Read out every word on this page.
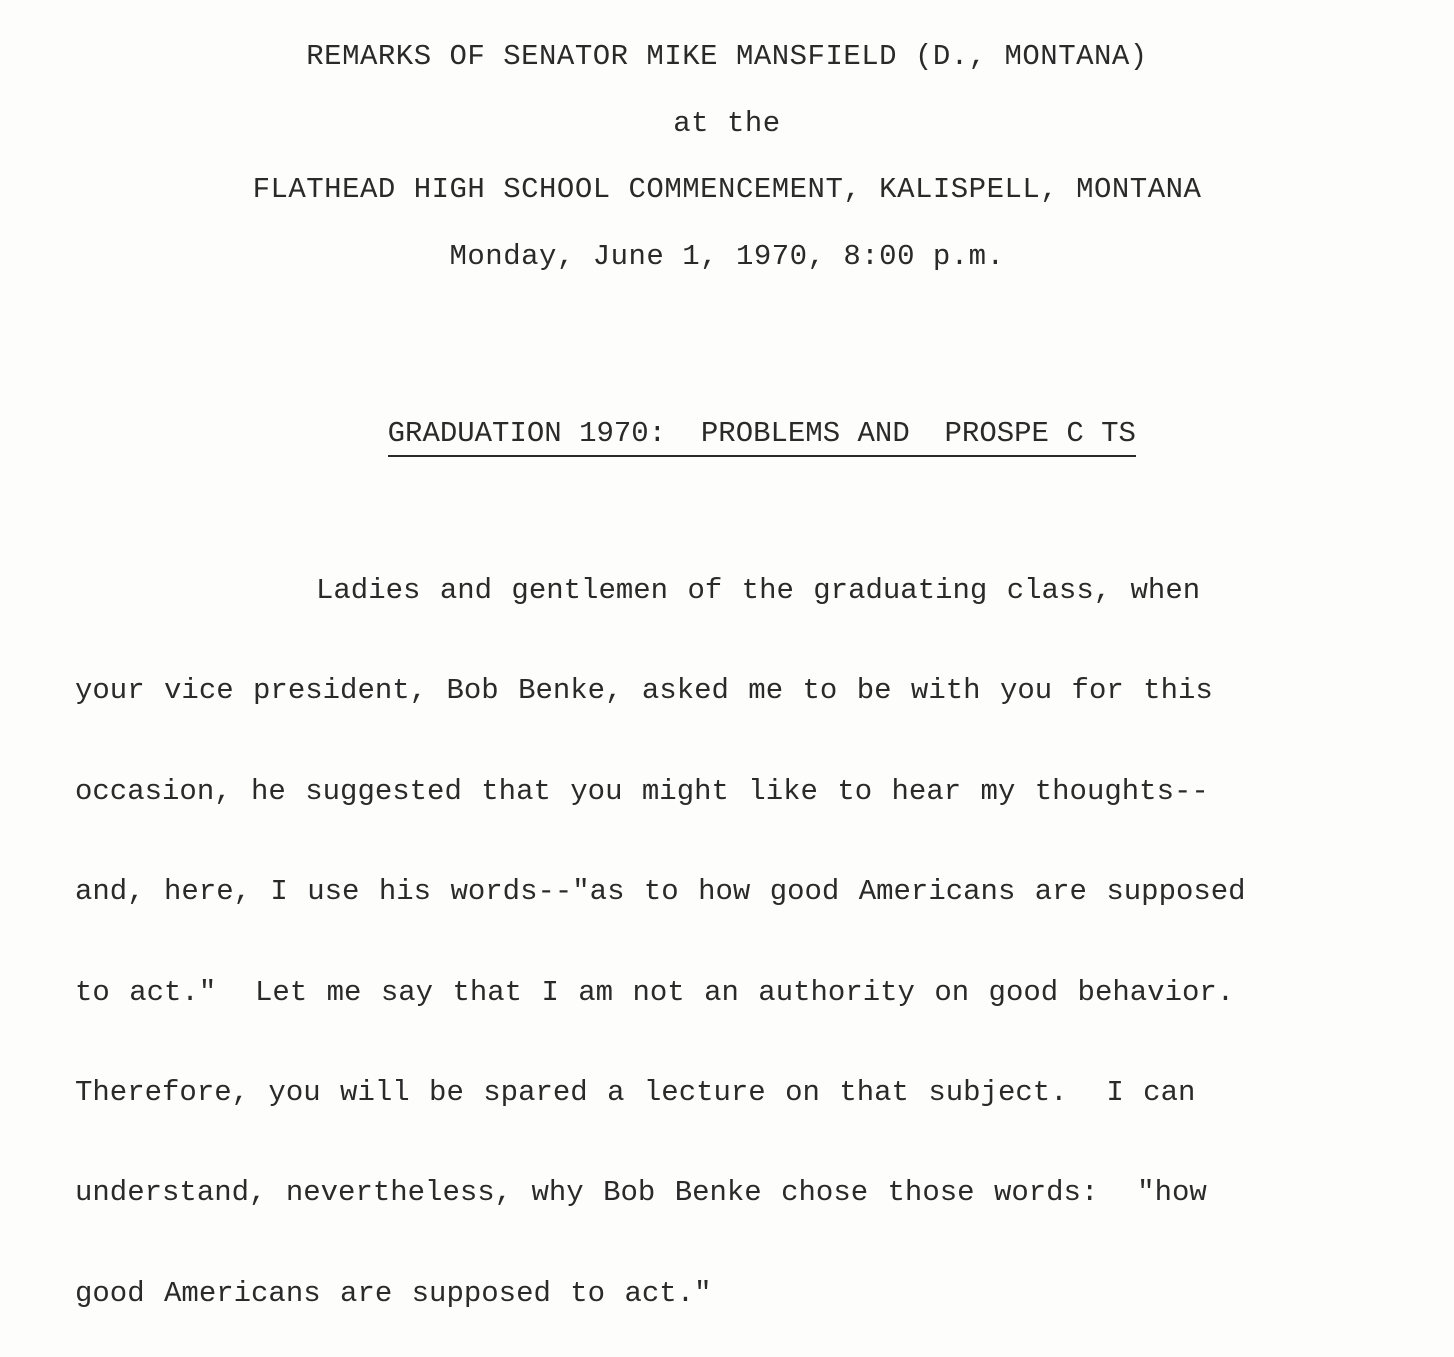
REMARKS OF SENATOR MIKE MANSFIELD (D., MONTANA)
at the
FLATHEAD HIGH SCHOOL COMMENCEMENT, KALISPELL, MONTANA
Monday, June 1, 1970, 8:00 p.m.

GRADUATION 1970:  PROBLEMS AND  PROSPE C TS

Ladies and gentlemen of the graduating class, when
your vice president, Bob Benke, asked me to be with you for this
occasion, he suggested that you might like to hear my thoughts--
and, here, I use his words--"as to how good Americans are supposed
to act."  Let me say that I am not an authority on good behavior.
Therefore, you will be spared a lecture on that subject.  I can
understand, nevertheless, why Bob Benke chose those words:  "how
good Americans are supposed to act."
